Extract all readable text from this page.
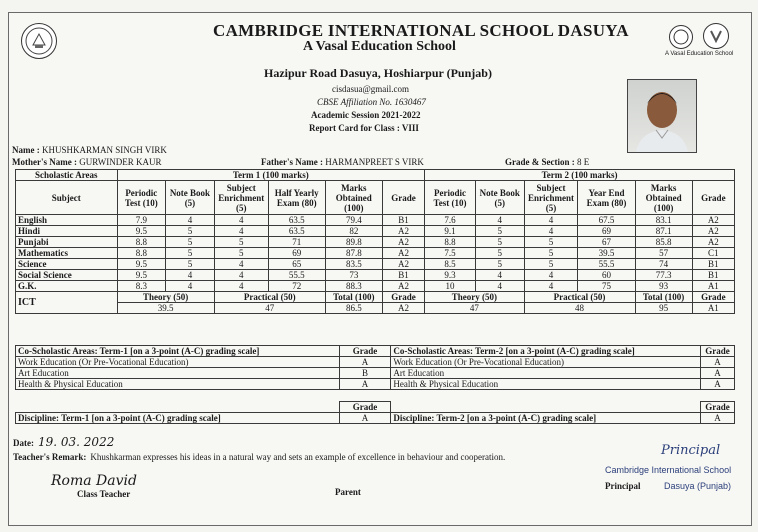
A Vasal Education School
CAMBRIDGE INTERNATIONAL SCHOOL DASUYA
A Vasal Education School
Hazipur Road Dasuya, Hoshiarpur (Punjab)
cisdasua@gmail.com
CBSE Affiliation No. 1630467
Academic Session 2021-2022
Report Card for Class : VIII
Name : KHUSHKARMAN SINGH VIRK
Mother's Name : GURWINDER KAUR	Father's Name : HARMANPREET S VIRK	Grade & Section : 8 E
Scholastic Areas	Term 1 (100 marks)						Term 2 (100 marks)					
Subject	Periodic Test (10)	Note Book (5)	Subject Enrichment (5)	Half Yearly Exam (80)	Marks Obtained (100)	Grade	Periodic Test (10)	Note Book (5)	Subject Enrichment (5)	Year End Exam (80)	Marks Obtained (100)	Grade
English	7.9	4	4	63.5	79.4	B1	7.6	4	4	67.5	83.1	A2
Hindi	9.5	5	4	63.5	82	A2	9.1	5	4	69	87.1	A2
Punjabi	8.8	5	5	71	89.8	A2	8.8	5	5	67	85.8	A2
Mathematics	8.8	5	5	69	87.8	A2	7.5	5	5	39.5	57	C1
Science	9.5	5	4	65	83.5	A2	8.5	5	5	55.5	74	B1
Social Science	9.5	4	4	55.5	73	B1	9.3	4	4	60	77.3	B1
G.K.	8.3	4	4	72	88.3	A2	10	4	4	75	93	A1
ICT	Theory (50)		Practical (50)		Total (100)	Grade	Theory (50)		Practical (50)		Total (100)	Grade
	39.5		47		86.5	A2	47		48		95	A1
Co-Scholastic Areas: Term-1 [on a 3-point (A-C) grading scale]	Grade	Co-Scholastic Areas: Term-2 [on a 3-point (A-C) grading scale]	Grade
Work Education (Or Pre-Vocational Education)	A	Work Education (Or Pre-Vocational Education)	A
Art Education	B	Art Education	A
Health & Physical Education	A	Health & Physical Education	A
	Grade		Grade
Discipline: Term-1 [on a 3-point (A-C) grading scale]	A	Discipline: Term-2 [on a 3-point (A-C) grading scale]	A
Date: 19. 03. 2022
Teacher's Remark: Khushkarman expresses his ideas in a natural way and sets an example of excellence in behaviour and cooperation.
Roma David
Class Teacher	Parent
Principal
Cambridge International School
Principal	Dasuya (Punjab)
